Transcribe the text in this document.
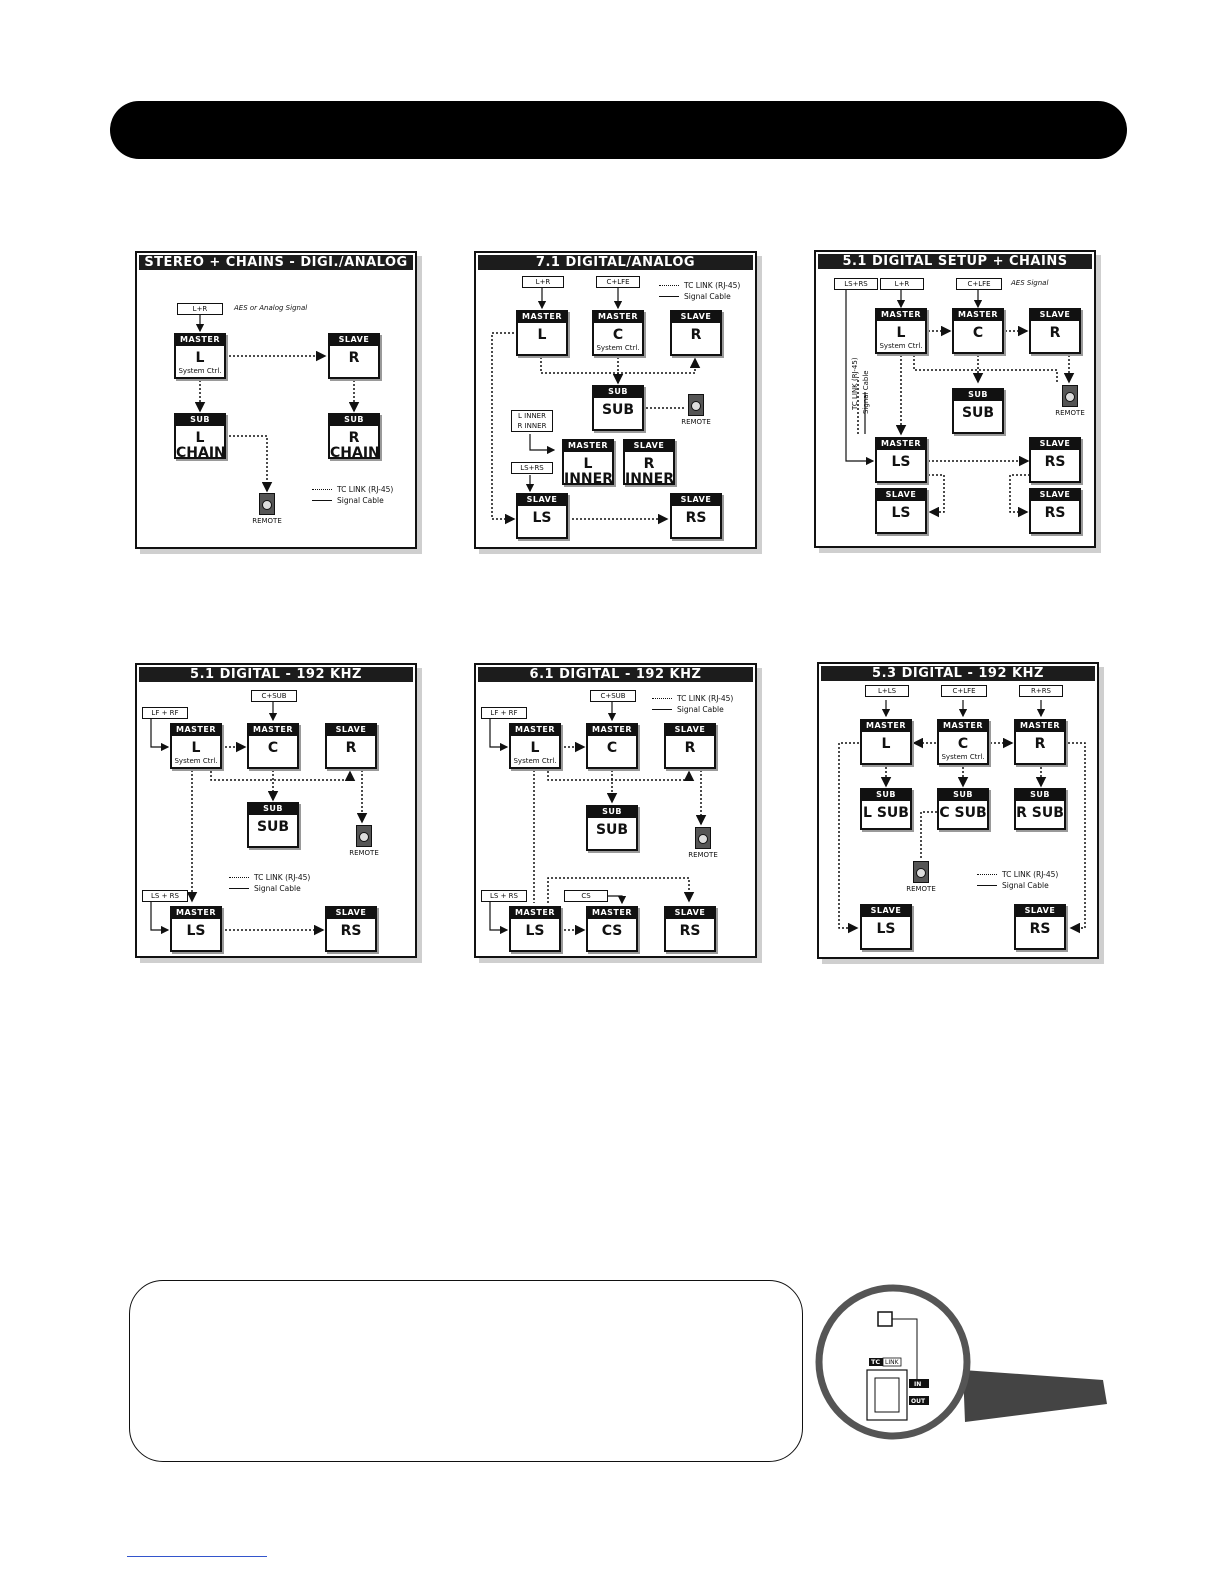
STEREO + CHAINS - DIGI./ANALOG
L+R	AES or Analog Signal
MASTER
L
System Ctrl.
SLAVE
R
SUB
L
CHAIN
SUB
R
CHAIN
REMOTE
TC LINK (RJ-45)
Signal Cable
7.1 DIGITAL/ANALOG
L+R	C+LFE	TC LINK (RJ-45)
Signal Cable
MASTER
L
MASTER
C
System Ctrl.
SLAVE
R
SUB
SUB
REMOTE
L INNER
R INNER
MASTER
L
INNER
SLAVE
R
INNER
LS+RS
SLAVE
LS
SLAVE
RS
5.1 DIGITAL SETUP + CHAINS
LS+RS	L+R	C+LFE	AES Signal
TC LINK (RJ-45) Signal Cable
MASTER
L
System Ctrl.
MASTER
C
SLAVE
R
SUB
SUB	REMOTE
MASTER
LS
SLAVE
RS
SLAVE
LS
SLAVE
RS
5.1 DIGITAL - 192 KHZ
C+SUB
LF + RF
MASTER
L
System Ctrl.
MASTER
C
SLAVE
R
SUB
SUB
REMOTE
TC LINK (RJ-45)
Signal Cable
LS + RS
MASTER
LS
SLAVE
RS
6.1 DIGITAL - 192 KHZ
C+SUB	TC LINK (RJ-45)
Signal Cable
LF + RF
MASTER
L
System Ctrl.
MASTER
C
SLAVE
R
SUB
SUB
REMOTE
LS + RS	CS
MASTER
LS
MASTER
CS
SLAVE
RS
5.3 DIGITAL - 192 KHZ
L+LS	C+LFE	R+RS
MASTER
L
MASTER
C
System Ctrl.
MASTER
R
SUB
L SUB
SUB
C SUB
SUB
R SUB
REMOTE
TC LINK (RJ-45)
Signal Cable
SLAVE
LS
SLAVE
RS
TC LINK
IN
OUT
